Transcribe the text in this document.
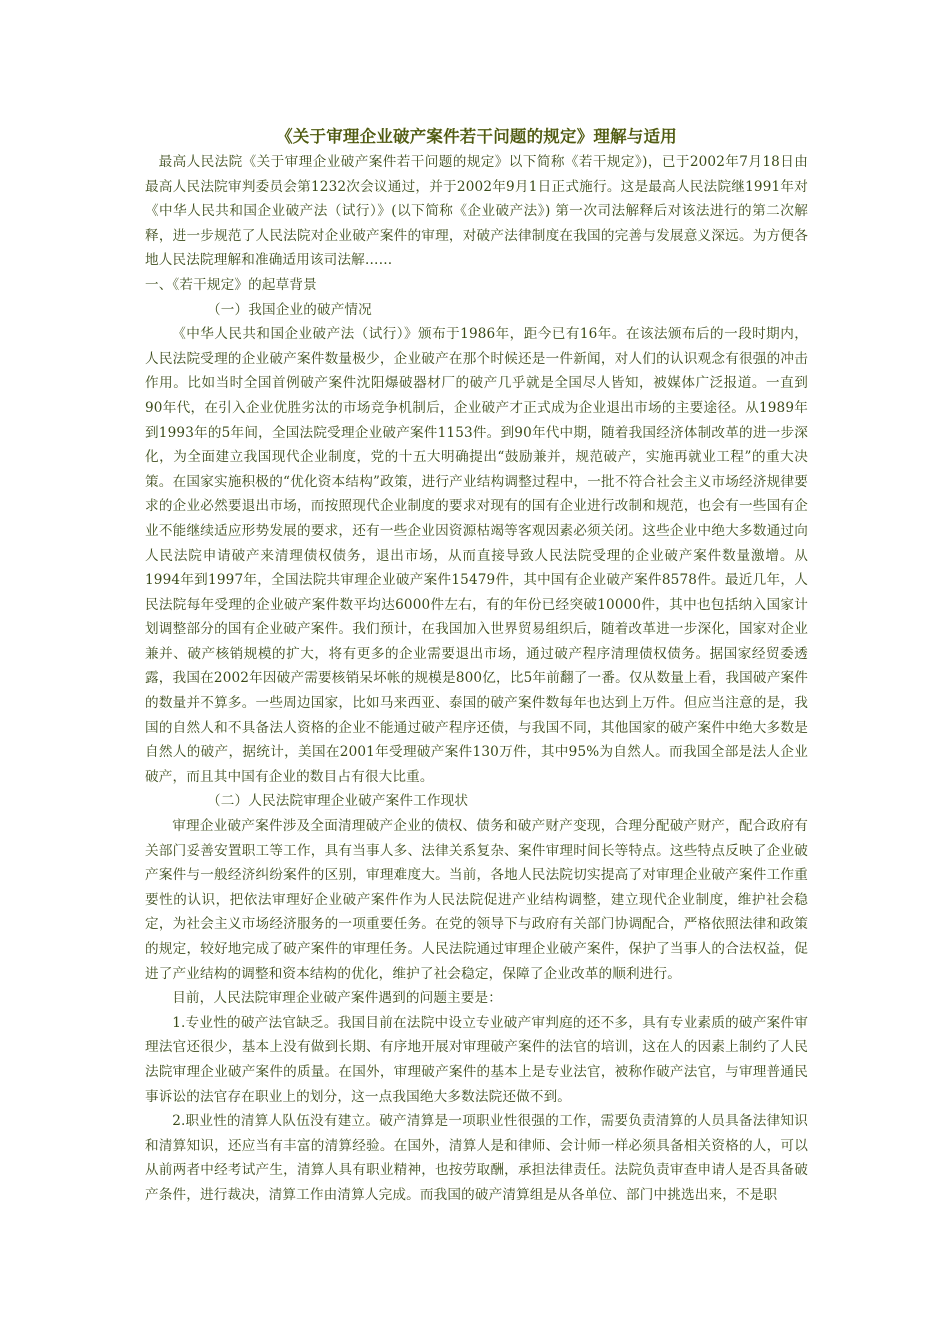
《关于审理企业破产案件若干问题的规定》理解与适用

最高人民法院《关于审理企业破产案件若干问题的规定》以下简称《若干规定》)，已于2002年7月18日由最高人民法院审判委员会第1232次会议通过，并于2002年9月1日正式施行。这是最高人民法院继1991年对《中华人民共和国企业破产法（试行）》(以下简称《企业破产法》) 第一次司法解释后对该法进行的第二次解释，进一步规范了人民法院对企业破产案件的审理，对破产法律制度在我国的完善与发展意义深远。为方便各地人民法院理解和准确适用该司法解……

一、《若干规定》的起草背景

（一）我国企业的破产情况

《中华人民共和国企业破产法（试行）》颁布于1986年，距今已有16年。在该法颁布后的一段时期内，人民法院受理的企业破产案件数量极少，企业破产在那个时候还是一件新闻，对人们的认识观念有很强的冲击作用。比如当时全国首例破产案件沈阳爆破器材厂的破产几乎就是全国尽人皆知，被媒体广泛报道。一直到90年代，在引入企业优胜劣汰的市场竞争机制后，企业破产才正式成为企业退出市场的主要途径。从1989年到1993年的5年间，全国法院受理企业破产案件1153件。到90年代中期，随着我国经济体制改革的进一步深化，为全面建立我国现代企业制度，党的十五大明确提出“鼓励兼并，规范破产，实施再就业工程”的重大决策。在国家实施积极的“优化资本结构”政策，进行产业结构调整过程中，一批不符合社会主义市场经济规律要求的企业必然要退出市场，而按照现代企业制度的要求对现有的国有企业进行改制和规范，也会有一些国有企业不能继续适应形势发展的要求，还有一些企业因资源枯竭等客观因素必须关闭。这些企业中绝大多数通过向人民法院申请破产来清理债权债务，退出市场，从而直接导致人民法院受理的企业破产案件数量激增。从1994年到1997年，全国法院共审理企业破产案件15479件，其中国有企业破产案件8578件。最近几年，人民法院每年受理的企业破产案件数平均达6000件左右，有的年份已经突破10000件，其中也包括纳入国家计划调整部分的国有企业破产案件。我们预计，在我国加入世界贸易组织后，随着改革进一步深化，国家对企业兼并、破产核销规模的扩大，将有更多的企业需要退出市场，通过破产程序清理债权债务。据国家经贸委透露，我国在2002年因破产需要核销呆坏帐的规模是800亿，比5年前翻了一番。仅从数量上看，我国破产案件的数量并不算多。一些周边国家，比如马来西亚、泰国的破产案件数每年也达到上万件。但应当注意的是，我国的自然人和不具备法人资格的企业不能通过破产程序还债，与我国不同，其他国家的破产案件中绝大多数是自然人的破产，据统计，美国在2001年受理破产案件130万件，其中95%为自然人。而我国全部是法人企业破产，而且其中国有企业的数目占有很大比重。

（二）人民法院审理企业破产案件工作现状

审理企业破产案件涉及全面清理破产企业的债权、债务和破产财产变现，合理分配破产财产，配合政府有关部门妥善安置职工等工作，具有当事人多、法律关系复杂、案件审理时间长等特点。这些特点反映了企业破产案件与一般经济纠纷案件的区别，审理难度大。当前，各地人民法院切实提高了对审理企业破产案件工作重要性的认识，把依法审理好企业破产案件作为人民法院促进产业结构调整，建立现代企业制度，维护社会稳定，为社会主义市场经济服务的一项重要任务。在党的领导下与政府有关部门协调配合，严格依照法律和政策的规定，较好地完成了破产案件的审理任务。人民法院通过审理企业破产案件，保护了当事人的合法权益，促进了产业结构的调整和资本结构的优化，维护了社会稳定，保障了企业改革的顺利进行。

目前，人民法院审理企业破产案件遇到的问题主要是：

1.专业性的破产法官缺乏。我国目前在法院中设立专业破产审判庭的还不多，具有专业素质的破产案件审理法官还很少，基本上没有做到长期、有序地开展对审理破产案件的法官的培训，这在人的因素上制约了人民法院审理企业破产案件的质量。在国外，审理破产案件的基本上是专业法官，被称作破产法官，与审理普通民事诉讼的法官存在职业上的划分，这一点我国绝大多数法院还做不到。

2.职业性的清算人队伍没有建立。破产清算是一项职业性很强的工作，需要负责清算的人员具备法律知识和清算知识，还应当有丰富的清算经验。在国外，清算人是和律师、会计师一样必须具备相关资格的人，可以从前两者中经考试产生，清算人具有职业精神，也按劳取酬，承担法律责任。法院负责审查申请人是否具备破产条件，进行裁决，清算工作由清算人完成。而我国的破产清算组是从各单位、部门中挑选出来，不是职
